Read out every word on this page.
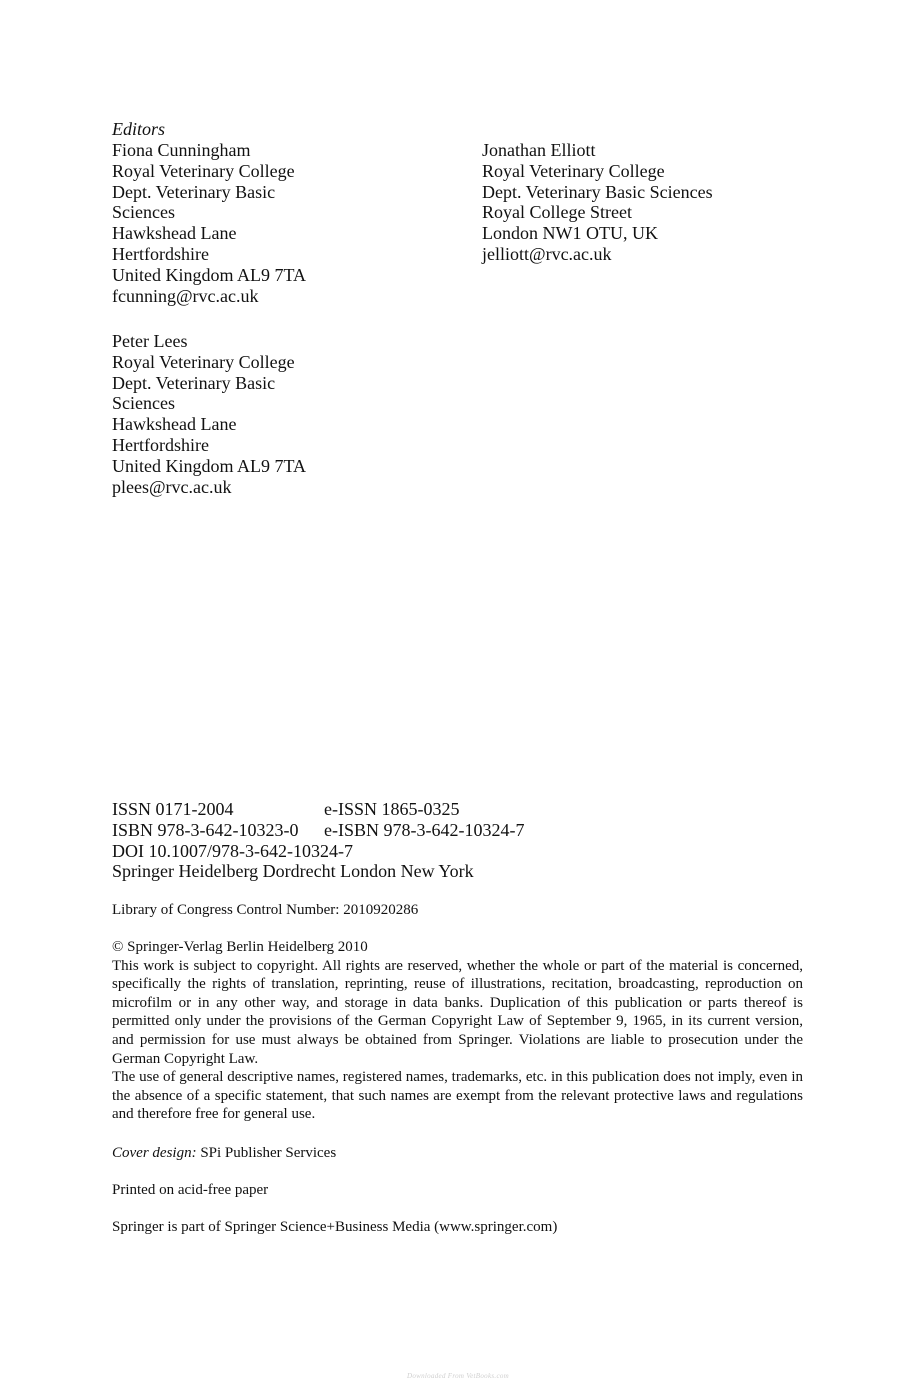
Editors
Fiona Cunningham
Royal Veterinary College
Dept. Veterinary Basic
Sciences
Hawkshead Lane
Hertfordshire
United Kingdom AL9 7TA
fcunning@rvc.ac.uk
Jonathan Elliott
Royal Veterinary College
Dept. Veterinary Basic Sciences
Royal College Street
London NW1 OTU, UK
jelliott@rvc.ac.uk
Peter Lees
Royal Veterinary College
Dept. Veterinary Basic
Sciences
Hawkshead Lane
Hertfordshire
United Kingdom AL9 7TA
plees@rvc.ac.uk
ISSN 0171-2004	e-ISSN 1865-0325
ISBN 978-3-642-10323-0 e-ISBN 978-3-642-10324-7
DOI 10.1007/978-3-642-10324-7
Springer Heidelberg Dordrecht London New York
Library of Congress Control Number: 2010920286

© Springer-Verlag Berlin Heidelberg 2010

This work is subject to copyright. All rights are reserved, whether the whole or part of the material is concerned, specifically the rights of translation, reprinting, reuse of illustrations, recitation, broadcasting, reproduction on microfilm or in any other way, and storage in data banks. Duplication of this publication or parts thereof is permitted only under the provisions of the German Copyright Law of September 9, 1965, in its current version, and permission for use must always be obtained from Springer. Violations are liable to prosecution under the German Copyright Law.

The use of general descriptive names, registered names, trademarks, etc. in this publication does not imply, even in the absence of a specific statement, that such names are exempt from the relevant protective laws and regulations and therefore free for general use.

Cover design: SPi Publisher Services
Printed on acid-free paper
Springer is part of Springer Science+Business Media (www.springer.com)
Downloaded From VetBooks.com
